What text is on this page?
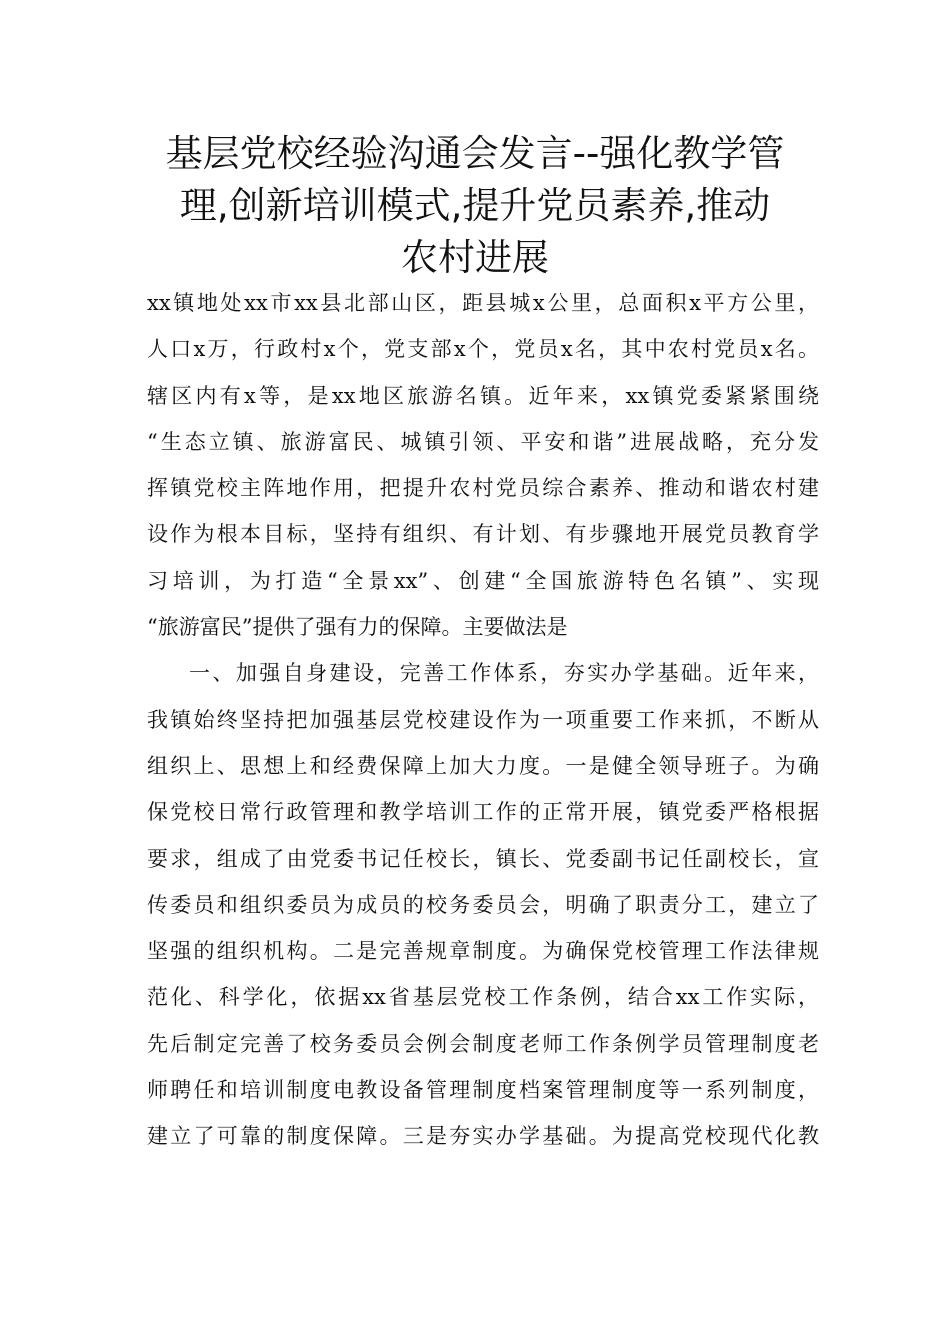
基层党校经验沟通会发言--强化教学管
理,创新培训模式,提升党员素养,推动
农村进展
xx镇地处xx市xx县北部山区，距县城x公里，总面积x平方公里，
人口x万，行政村x个，党支部x个，党员x名，其中农村党员x名。
辖区内有x等，是xx地区旅游名镇。近年来，xx镇党委紧紧围绕
“生态立镇、旅游富民、城镇引领、平安和谐”进展战略，充分发
挥镇党校主阵地作用，把提升农村党员综合素养、推动和谐农村建
设作为根本目标，坚持有组织、有计划、有步骤地开展党员教育学
习培训，为打造“全景xx”、创建“全国旅游特色名镇”、实现
“旅游富民”提供了强有力的保障。主要做法是
一、加强自身建设，完善工作体系，夯实办学基础。近年来，
我镇始终坚持把加强基层党校建设作为一项重要工作来抓，不断从
组织上、思想上和经费保障上加大力度。一是健全领导班子。为确
保党校日常行政管理和教学培训工作的正常开展，镇党委严格根据
要求，组成了由党委书记任校长，镇长、党委副书记任副校长，宣
传委员和组织委员为成员的校务委员会，明确了职责分工，建立了
坚强的组织机构。二是完善规章制度。为确保党校管理工作法律规
范化、科学化，依据xx省基层党校工作条例，结合xx工作实际，
先后制定完善了校务委员会例会制度老师工作条例学员管理制度老
师聘任和培训制度电教设备管理制度档案管理制度等一系列制度，
建立了可靠的制度保障。三是夯实办学基础。为提高党校现代化教
